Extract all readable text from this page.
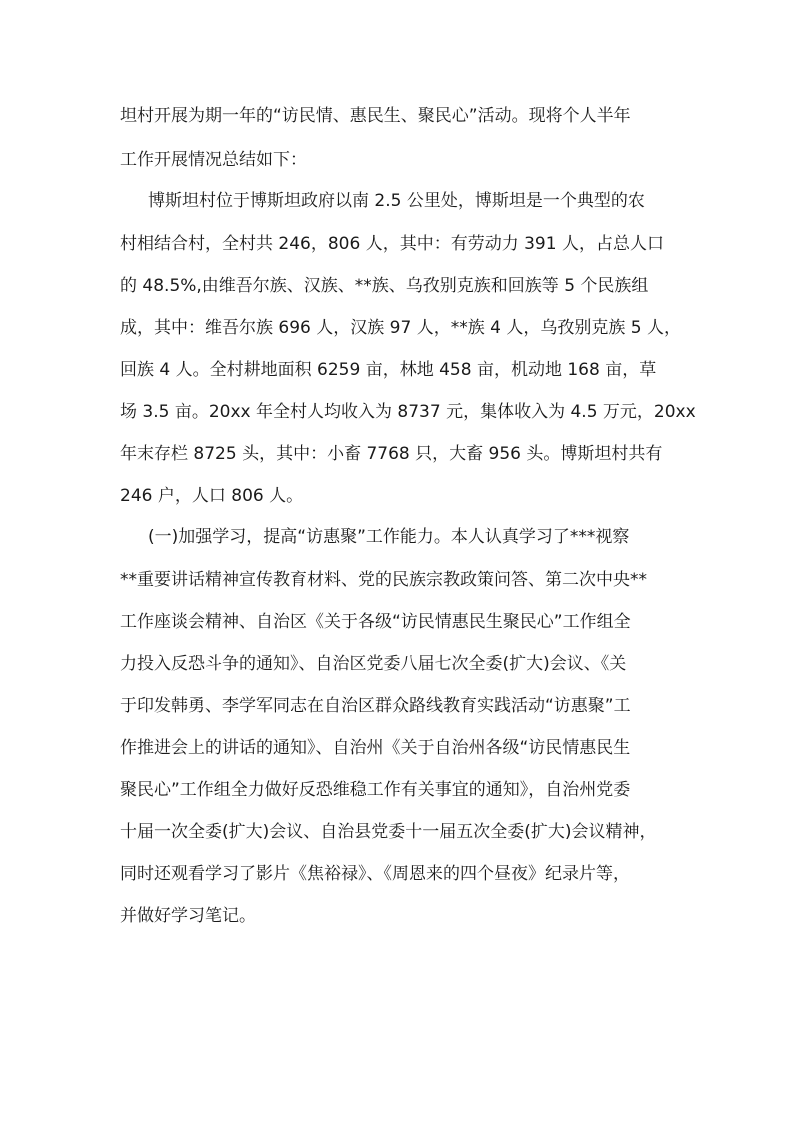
坦村开展为期一年的“访民情、惠民生、聚民心”活动。现将个人半年
工作开展情况总结如下：
博斯坦村位于博斯坦政府以南 2.5 公里处，博斯坦是一个典型的农
村相结合村，全村共 246，806 人，其中：有劳动力 391 人，占总人口
的 48.5%,由维吾尔族、汉族、**族、乌孜别克族和回族等 5 个民族组
成，其中：维吾尔族 696 人，汉族 97 人，**族 4 人，乌孜别克族 5 人，
回族 4 人。全村耕地面积 6259 亩，林地 458 亩，机动地 168 亩，草
场 3.5 亩。20xx 年全村人均收入为 8737 元，集体收入为 4.5 万元，20xx
年末存栏 8725 头，其中：小畜 7768 只，大畜 956 头。博斯坦村共有
246 户，人口 806 人。
(一)加强学习，提高“访惠聚”工作能力。本人认真学习了***视察
**重要讲话精神宣传教育材料、党的民族宗教政策问答、第二次中央**
工作座谈会精神、自治区《关于各级“访民情惠民生聚民心”工作组全
力投入反恐斗争的通知》、自治区党委八届七次全委(扩大)会议、《关
于印发韩勇、李学军同志在自治区群众路线教育实践活动“访惠聚”工
作推进会上的讲话的通知》、自治州《关于自治州各级“访民情惠民生
聚民心”工作组全力做好反恐维稳工作有关事宜的通知》，自治州党委
十届一次全委(扩大)会议、自治县党委十一届五次全委(扩大)会议精神，
同时还观看学习了影片《焦裕禄》、《周恩来的四个昼夜》纪录片等，
并做好学习笔记。
